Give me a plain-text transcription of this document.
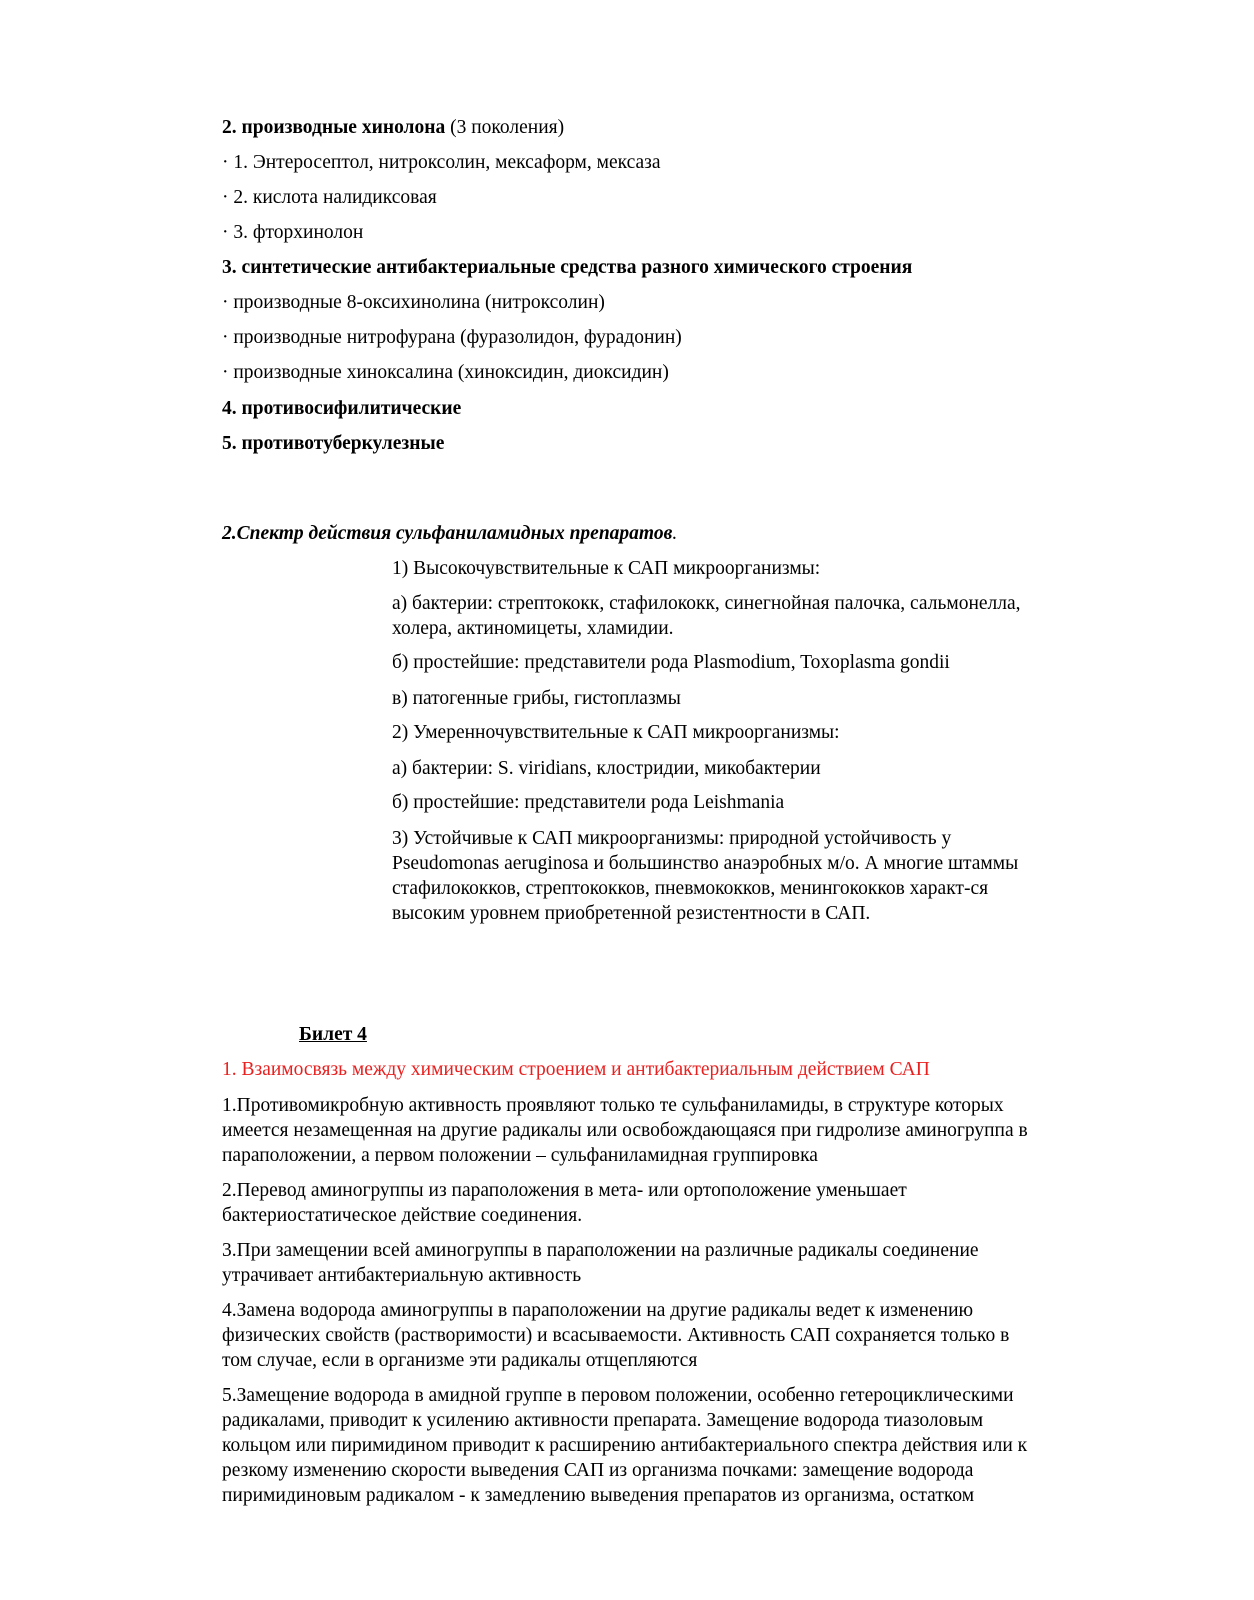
2. производные хинолона (3 поколения)
· 1. Энтеросептол, нитроксолин, мексаформ, мексаза
· 2. кислота налидиксовая
· 3. фторхинолон
3. синтетические антибактериальные средства разного химического строения
· производные 8-оксихинолина (нитроксолин)
· производные нитрофурана (фуразолидон, фурадонин)
· производные хиноксалина (хиноксидин, диоксидин)
4. противосифилитические
5. противотуберкулезные
2.Спектр действия сульфаниламидных препаратов.
1) Высокочувствительные к САП микроорганизмы:
а) бактерии: стрептококк, стафилококк, синегнойная палочка, сальмонелла,
холера, актиномицеты, хламидии.
б) простейшие: представители рода Plasmodium, Toxoplasma gondii
в) патогенные грибы, гистоплазмы
2) Умеренночувствительные к САП микроорганизмы:
а) бактерии: S. viridians, клостридии, микобактерии
б) простейшие: представители рода Leishmania
3) Устойчивые к САП микроорганизмы: природной устойчивость у
Pseudomonas aeruginosa и большинство анаэробных м/о. А многие штаммы
стафилококков, стрептококков, пневмококков, менингококков характ-ся
высоким уровнем приобретенной резистентности в САП.
Билет 4
1. Взаимосвязь между химическим строением и антибактериальным действием САП
1.Противомикробную активность проявляют только те сульфаниламиды, в структуре которых
имеется незамещенная на другие радикалы или освобождающаяся при гидролизе аминогруппа в
параположении, а первом положении – сульфаниламидная группировка
2.Перевод аминогруппы из параположения в мета- или ортоположение уменьшает
бактериостатическое действие соединения.
3.При замещении всей аминогруппы в параположении на различные радикалы соединение
утрачивает антибактериальную активность
4.Замена водорода аминогруппы в параположении на другие радикалы ведет к изменению
физических свойств (растворимости) и всасываемости. Активность САП сохраняется только в
том случае, если в организме эти радикалы отщепляются
5.Замещение водорода в амидной группе в перовом положении, особенно гетероциклическими
радикалами, приводит к усилению активности препарата. Замещение водорода тиазоловым
кольцом или пиримидином приводит к расширению антибактериального спектра действия или к
резкому изменению скорости выведения САП из организма почками: замещение водорода
пиримидиновым радикалом - к замедлению выведения препаратов из организма, остатком
